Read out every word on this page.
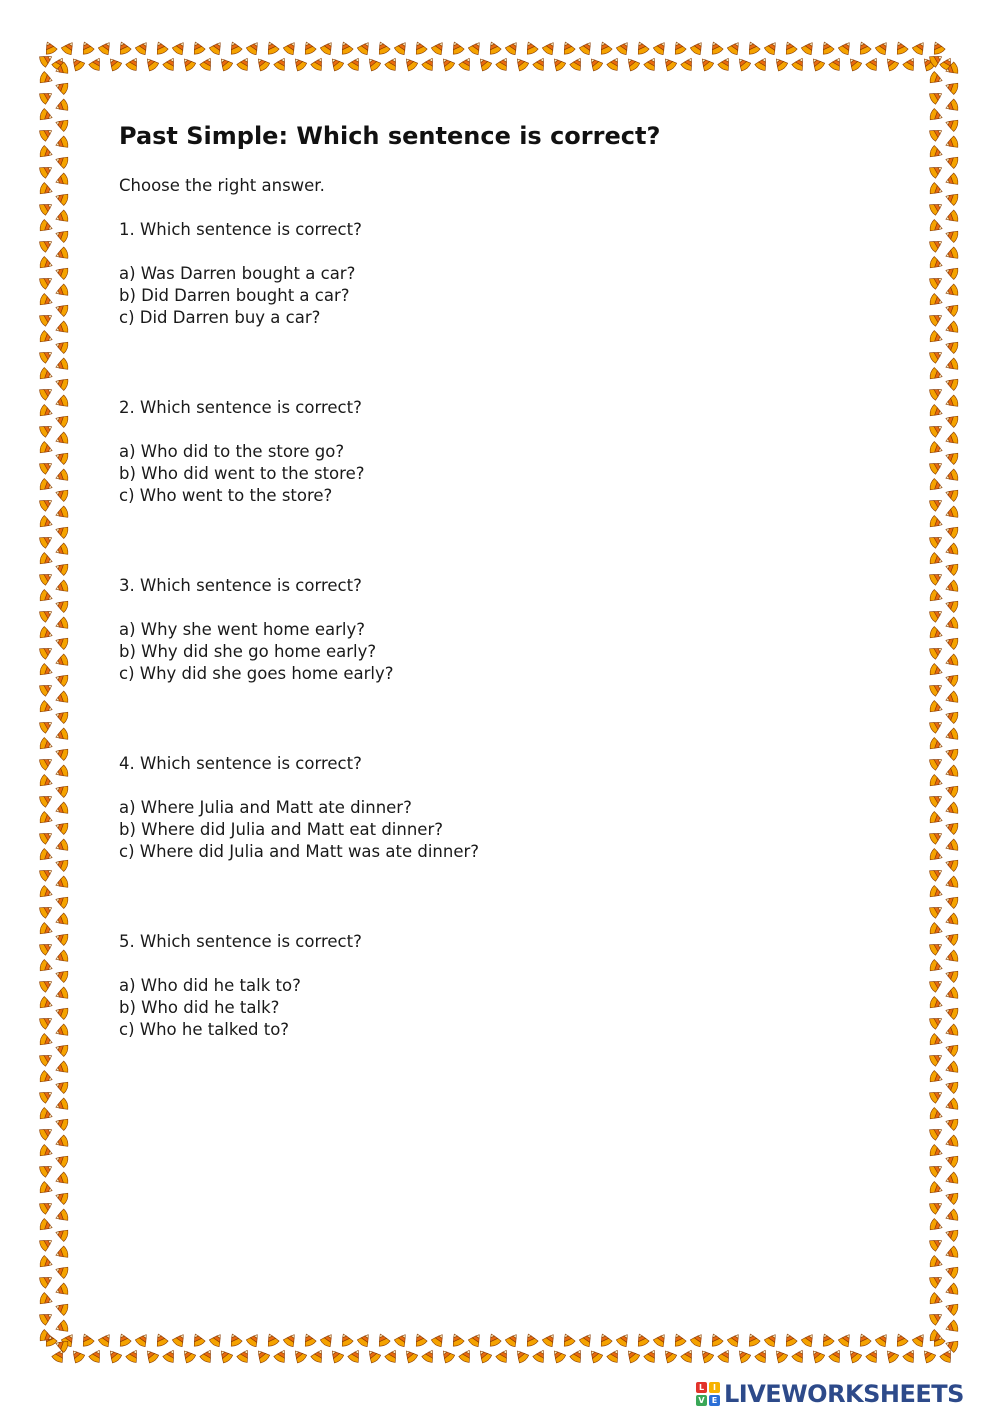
Past Simple: Which sentence is correct?
Choose the right answer.
1. Which sentence is correct?
a) Was Darren bought a car?
b) Did Darren bought a car?
c) Did Darren buy a car?
2. Which sentence is correct?
a) Who did to the store go?
b) Who did went to the store?
c) Who went to the store?
3. Which sentence is correct?
a) Why she went home early?
b) Why did she go home early?
c) Why did she goes home early?
4. Which sentence is correct?
a) Where Julia and Matt ate dinner?
b) Where did Julia and Matt eat dinner?
c) Where did Julia and Matt was ate dinner?
5. Which sentence is correct?
a) Who did he talk to?
b) Who did he talk?
c) Who he talked to?
L	I
V E LIVEWORKSHEETS
